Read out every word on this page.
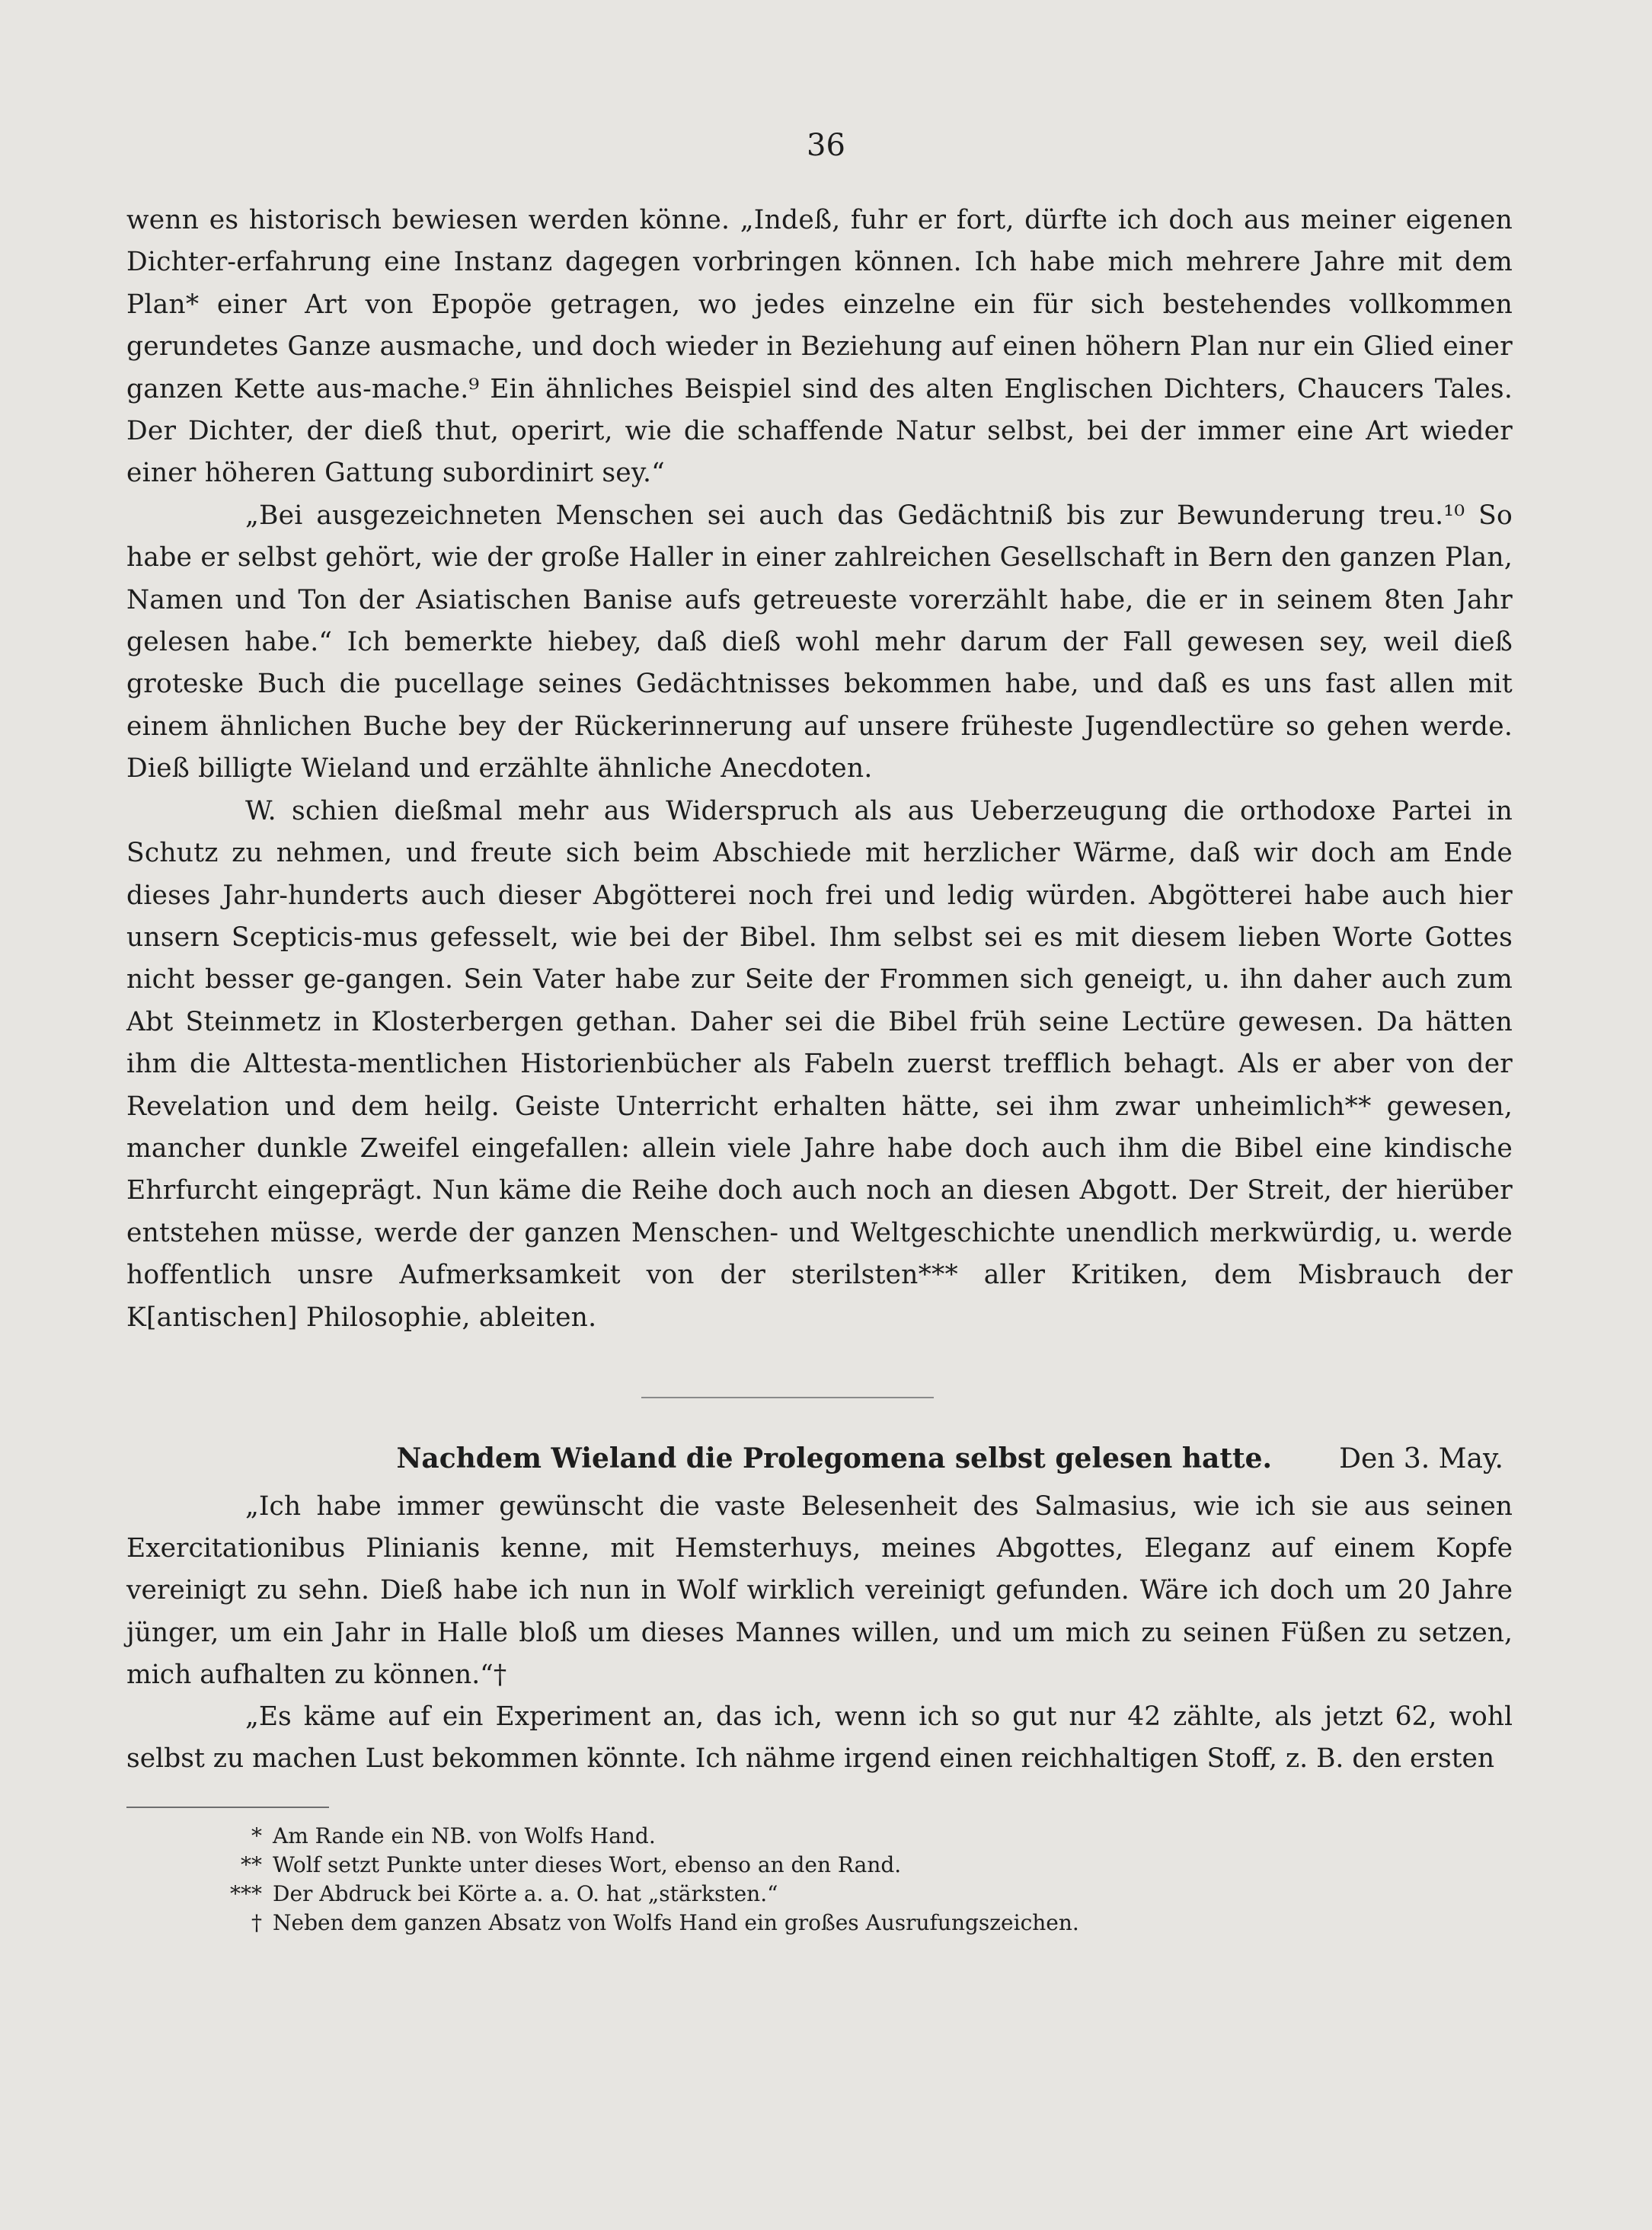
36

wenn es historisch bewiesen werden könne. „Indeß, fuhr er fort, dürfte ich doch aus meiner eigenen Dichter-erfahrung eine Instanz dagegen vorbringen können. Ich habe mich mehrere Jahre mit dem Plan* einer Art von Epopöe getragen, wo jedes einzelne ein für sich bestehendes vollkommen gerundetes Ganze ausmache, und doch wieder in Beziehung auf einen höhern Plan nur ein Glied einer ganzen Kette aus-mache.⁹ Ein ähnliches Beispiel sind des alten Englischen Dichters, Chaucers Tales. Der Dichter, der dieß thut, operirt, wie die schaffende Natur selbst, bei der immer eine Art wieder einer höheren Gattung subordinirt sey.“

„Bei ausgezeichneten Menschen sei auch das Gedächtniß bis zur Bewunderung treu.¹⁰ So habe er selbst gehört, wie der große Haller in einer zahlreichen Gesellschaft in Bern den ganzen Plan, Namen und Ton der Asiatischen Banise aufs getreueste vorerzählt habe, die er in seinem 8ten Jahr gelesen habe.“ Ich bemerkte hiebey, daß dieß wohl mehr darum der Fall gewesen sey, weil dieß groteske Buch die pucellage seines Gedächtnisses bekommen habe, und daß es uns fast allen mit einem ähnlichen Buche bey der Rückerinnerung auf unsere früheste Jugendlectüre so gehen werde. Dieß billigte Wieland und erzählte ähnliche Anecdoten.

W. schien dießmal mehr aus Widerspruch als aus Ueberzeugung die orthodoxe Partei in Schutz zu nehmen, und freute sich beim Abschiede mit herzlicher Wärme, daß wir doch am Ende dieses Jahr-hunderts auch dieser Abgötterei noch frei und ledig würden. Abgötterei habe auch hier unsern Scepticis-mus gefesselt, wie bei der Bibel. Ihm selbst sei es mit diesem lieben Worte Gottes nicht besser ge-gangen. Sein Vater habe zur Seite der Frommen sich geneigt, u. ihn daher auch zum Abt Steinmetz in Klosterbergen gethan. Daher sei die Bibel früh seine Lectüre gewesen. Da hätten ihm die Alttesta-mentlichen Historienbücher als Fabeln zuerst trefflich behagt. Als er aber von der Revelation und dem heilg. Geiste Unterricht erhalten hätte, sei ihm zwar unheimlich** gewesen, mancher dunkle Zweifel eingefallen: allein viele Jahre habe doch auch ihm die Bibel eine kindische Ehrfurcht eingeprägt. Nun käme die Reihe doch auch noch an diesen Abgott. Der Streit, der hierüber entstehen müsse, werde der ganzen Menschen- und Weltgeschichte unendlich merkwürdig, u. werde hoffentlich unsre Aufmerksamkeit von der sterilsten*** aller Kritiken, dem Misbrauch der K[antischen] Philosophie, ableiten.

Nachdem Wieland die Prolegomena selbst gelesen hatte. Den 3. May.

„Ich habe immer gewünscht die vaste Belesenheit des Salmasius, wie ich sie aus seinen Exercitationibus Plinianis kenne, mit Hemsterhuys, meines Abgottes, Eleganz auf einem Kopfe vereinigt zu sehn. Dieß habe ich nun in Wolf wirklich vereinigt gefunden. Wäre ich doch um 20 Jahre jünger, um ein Jahr in Halle bloß um dieses Mannes willen, und um mich zu seinen Füßen zu setzen, mich aufhalten zu können.“†

„Es käme auf ein Experiment an, das ich, wenn ich so gut nur 42 zählte, als jetzt 62, wohl selbst zu machen Lust bekommen könnte. Ich nähme irgend einen reichhaltigen Stoff, z. B. den ersten

* Am Rande ein NB. von Wolfs Hand.

** Wolf setzt Punkte unter dieses Wort, ebenso an den Rand.

*** Der Abdruck bei Körte a. a. O. hat „stärksten.“

† Neben dem ganzen Absatz von Wolfs Hand ein großes Ausrufungszeichen.
